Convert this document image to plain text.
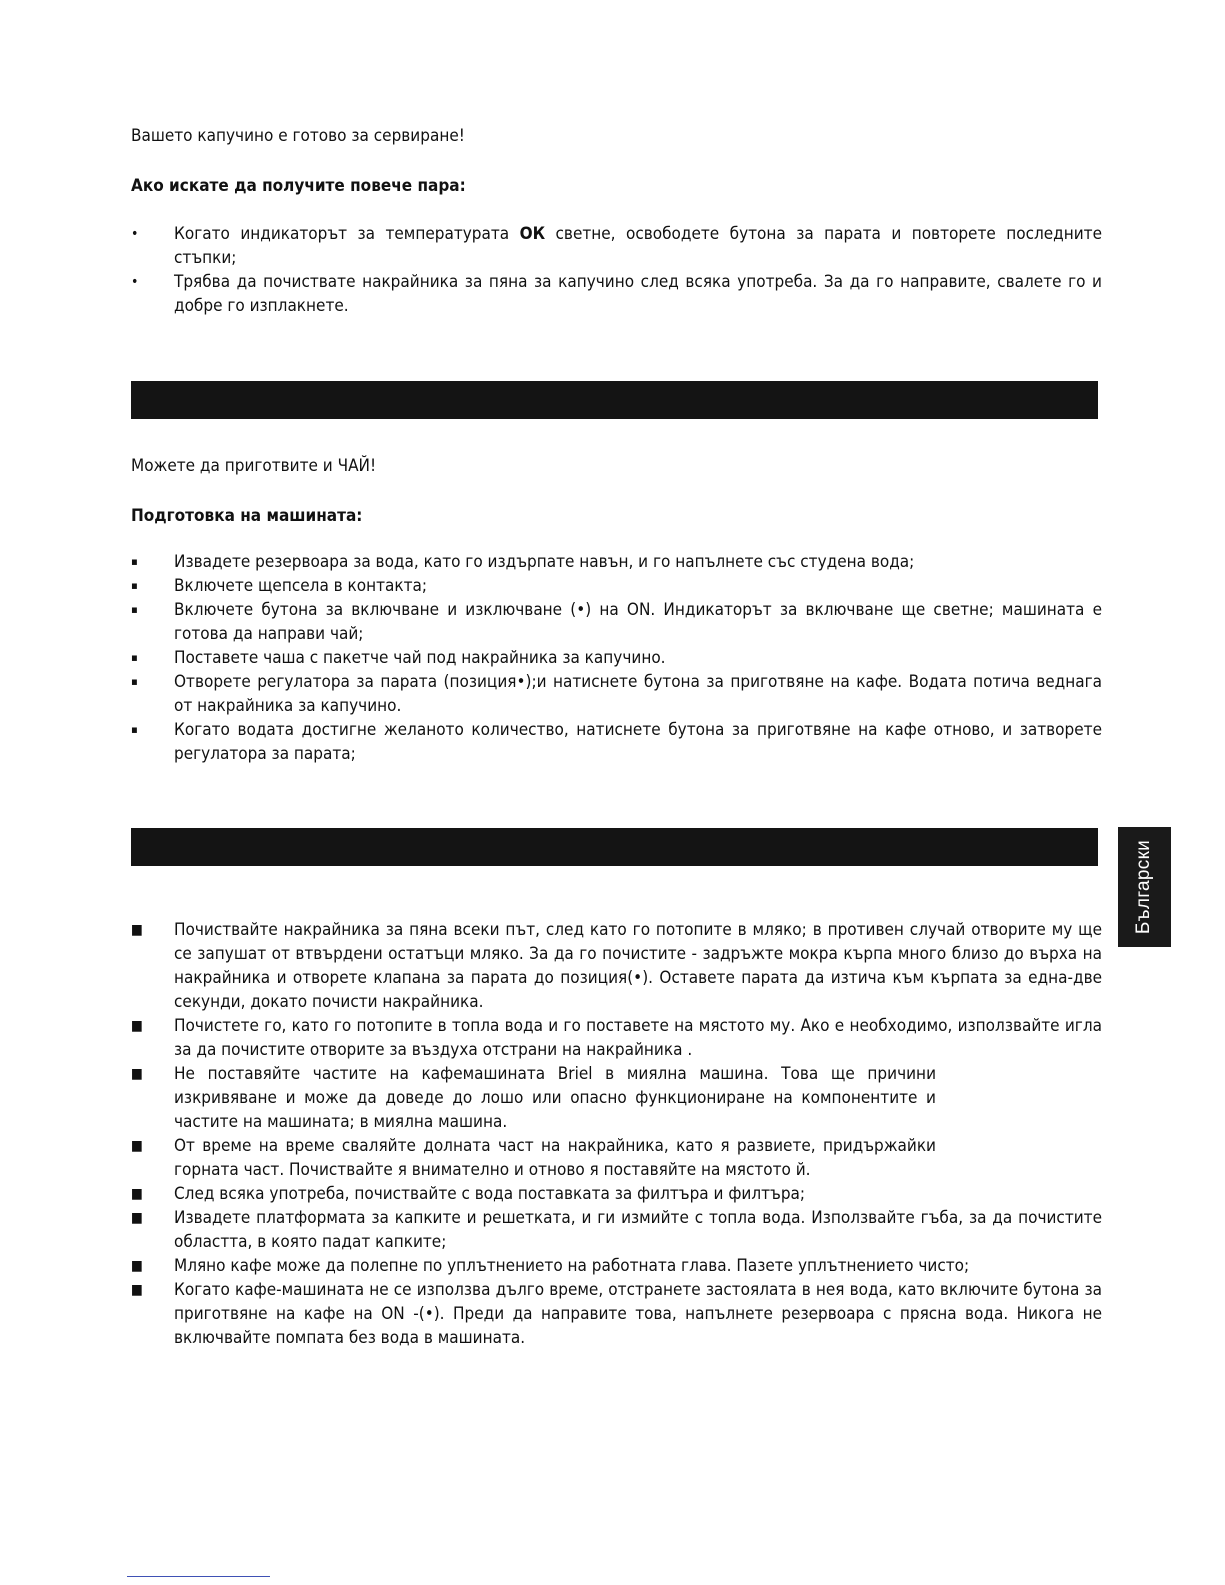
Вашето капучино е готово за сервиране!

Ако искате да получите повече пара:

• Когато индикаторът за температурата ОК светне, освободете бутона за парата и повторете последните стъпки;
• Трябва да почиствате накрайника за пяна за капучино след всяка употреба. За да го направите, свалете го и добре го изплакнете.

Можете да приготвите и ЧАЙ!

Подготовка на машината:

▪ Извадете резервоара за вода, като го издърпате навън, и го напълнете със студена вода;
▪ Включете щепсела в контакта;
▪ Включете бутона за включване и изключване (•) на ON. Индикаторът за включване ще светне; машината е готова да направи чай;
▪ Поставете чаша с пакетче чай под накрайника за капучино.
▪ Отворете регулатора за парата (позиция•);и натиснете бутона за приготвяне на кафе. Водата потича веднага от накрайника за капучино.
▪ Когато водата достигне желаното количество, натиснете бутона за приготвяне на кафе отново, и затворете регулатора за парата;
■ Почиствайте накрайника за пяна всеки път, след като го потопите в мляко; в противен случай отворите му ще се запушат от втвърдени остатъци мляко. За да го почистите - задръжте мокра кърпа много близо до върха на накрайника и отворете клапана за парата до позиция(•). Оставете парата да изтича към кърпата за една-две секунди, докато почисти накрайника.
■ Почистете го, като го потопите в топла вода и го поставете на мястото му. Ако е необходимо, използвайте игла за да почистите отворите за въздуха отстрани на накрайника .
■ Не поставяйте частите на кафемашината Briel в миялна машина. Това ще причини изкривяване и може да доведе до лошо или опасно функциониране на компонентите и частите на машината; в миялна машина.
■ От време на време сваляйте долната част на накрайника, като я развиете, придържайки горната част. Почиствайте я внимателно и отново я поставяйте на мястото й.
■ След всяка употреба, почиствайте с вода поставката за филтъра и филтъра;
■ Извадете платформата за капките и решетката, и ги измийте с топла вода. Използвайте гъба, за да почистите областта, в която падат капките;
■ Мляно кафе може да полепне по уплътнението на работната глава. Пазете уплътнението чисто;
■ Когато кафе-машината не се използва дълго време, отстранете застоялата в нея вода, като включите бутона за приготвяне на кафе на ON -(•). Преди да направите това, напълнете резервоара с прясна вода. Никога не включвайте помпата без вода в машината.
Български
